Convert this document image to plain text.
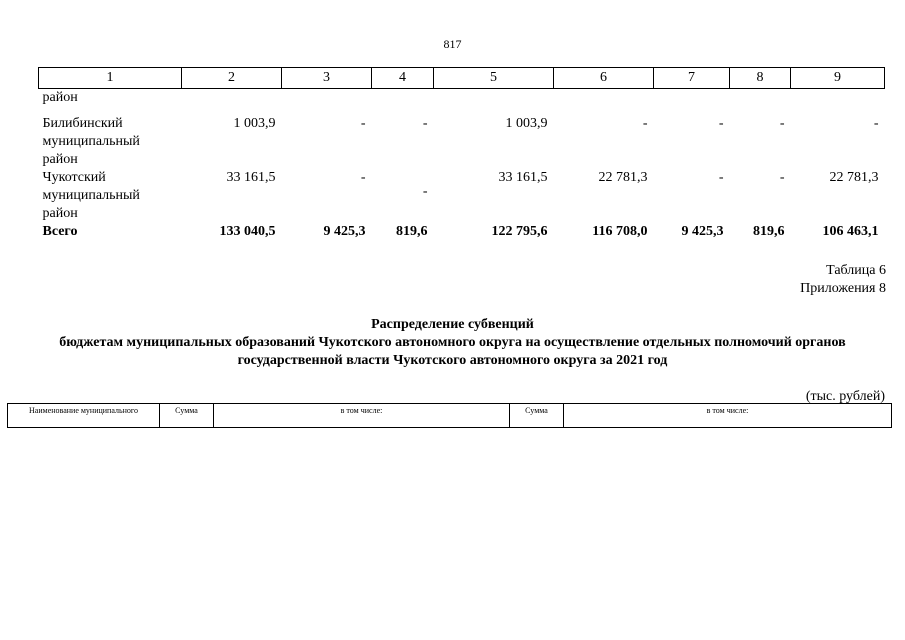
817
1	2	3	4	5	6	7	8	9

район								

Билибинский
муниципальный
район	1 003,9	-	-	1 003,9	-	-	-	-

Чукотский
муниципальный
район	33 161,5	-	-	33 161,5	22 781,3	-	-	22 781,3
Всего	133 040,5	9 425,3	819,6	122 795,6	116 708,0	9 425,3	819,6	106 463,1
Таблица 6
Приложения 8
Распределение субвенций
бюджетам муниципальных образований Чукотского автономного округа на осуществление отдельных полномочий органов
государственной власти Чукотского автономного округа за 2021 год
(тыс. рублей)
Наименование муниципального	Сумма	в том числе:	Сумма	в том числе:
